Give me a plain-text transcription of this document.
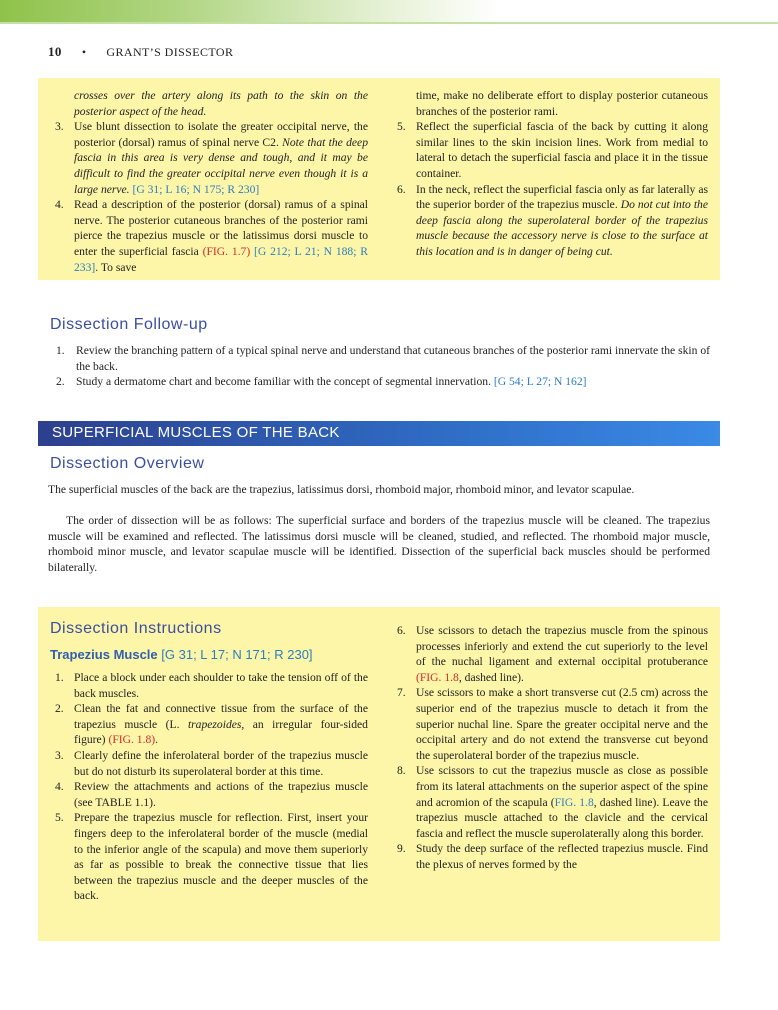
10 • GRANT’S DISSECTOR
crosses over the artery along its path to the skin on the posterior aspect of the head.
3. Use blunt dissection to isolate the greater occipital nerve, the posterior (dorsal) ramus of spinal nerve C2. Note that the deep fascia in this area is very dense and tough, and it may be difficult to find the greater occipital nerve even though it is a large nerve. [G 31; L 16; N 175; R 230]
4. Read a description of the posterior (dorsal) ramus of a spinal nerve. The posterior cutaneous branches of the posterior rami pierce the trapezius muscle or the latissimus dorsi muscle to enter the superficial fascia (FIG. 1.7) [G 212; L 21; N 188; R 233]. To save
time, make no deliberate effort to display posterior cutaneous branches of the posterior rami.
5. Reflect the superficial fascia of the back by cutting it along similar lines to the skin incision lines. Work from medial to lateral to detach the superficial fascia and place it in the tissue container.
6. In the neck, reflect the superficial fascia only as far laterally as the superior border of the trapezius muscle. Do not cut into the deep fascia along the superolateral border of the trapezius muscle because the accessory nerve is close to the surface at this location and is in danger of being cut.
Dissection Follow-up
1. Review the branching pattern of a typical spinal nerve and understand that cutaneous branches of the posterior rami innervate the skin of the back.
2. Study a dermatome chart and become familiar with the concept of segmental innervation. [G 54; L 27; N 162]
SUPERFICIAL MUSCLES OF THE BACK
Dissection Overview
The superficial muscles of the back are the trapezius, latissimus dorsi, rhomboid major, rhomboid minor, and levator scapulae.
The order of dissection will be as follows: The superficial surface and borders of the trapezius muscle will be cleaned. The trapezius muscle will be examined and reflected. The latissimus dorsi muscle will be cleaned, studied, and reflected. The rhomboid major muscle, rhomboid minor muscle, and levator scapulae muscle will be identified. Dissection of the superficial back muscles should be performed bilaterally.
Dissection Instructions
Trapezius Muscle [G 31; L 17; N 171; R 230]
1. Place a block under each shoulder to take the tension off of the back muscles.
2. Clean the fat and connective tissue from the surface of the trapezius muscle (L. trapezoides, an irregular four-sided figure) (FIG. 1.8).
3. Clearly define the inferolateral border of the trapezius muscle but do not disturb its superolateral border at this time.
4. Review the attachments and actions of the trapezius muscle (see TABLE 1.1).
5. Prepare the trapezius muscle for reflection. First, insert your fingers deep to the inferolateral border of the muscle (medial to the inferior angle of the scapula) and move them superiorly as far as possible to break the connective tissue that lies between the trapezius muscle and the deeper muscles of the back.
6. Use scissors to detach the trapezius muscle from the spinous processes inferiorly and extend the cut superiorly to the level of the nuchal ligament and external occipital protuberance (FIG. 1.8, dashed line).
7. Use scissors to make a short transverse cut (2.5 cm) across the superior end of the trapezius muscle to detach it from the superior nuchal line. Spare the greater occipital nerve and the occipital artery and do not extend the transverse cut beyond the superolateral border of the trapezius muscle.
8. Use scissors to cut the trapezius muscle as close as possible from its lateral attachments on the superior aspect of the spine and acromion of the scapula (FIG. 1.8, dashed line). Leave the trapezius muscle attached to the clavicle and the cervical fascia and reflect the muscle superolaterally along this border.
9. Study the deep surface of the reflected trapezius muscle. Find the plexus of nerves formed by the
